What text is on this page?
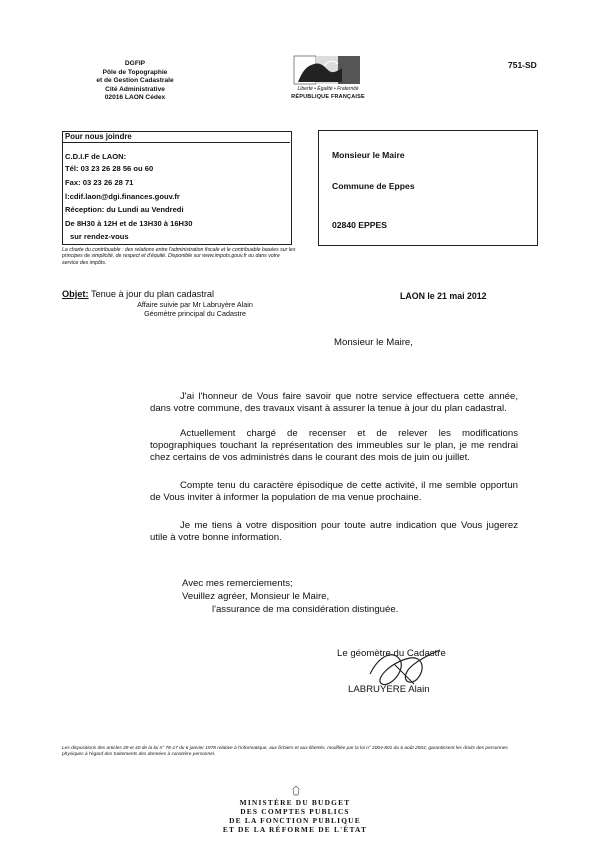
DGFIP
Pôle de Topographie
et de Gestion Cadastrale
Cité Administrative
02016 LAON Cédex
751-SD
Liberté • Égalité • Fraternité
RÉPUBLIQUE FRANÇAISE
Pour nous joindre
C.D.I.F de LAON:
Tél: 03 23 26 28 56 ou 60
Fax: 03 23 26 28 71
l:cdif.laon@dgi.finances.gouv.fr
Réception: du Lundi au Vendredi
De 8H30 à 12H et de 13H30 à 16H30
sur rendez-vous
Monsieur le Maire
Commune de Eppes
02840 EPPES
La charte du contribuable : des relations entre l'administration fiscale et le contribuable basées sur les principes de simplicité, de respect et d'équité. Disponible sur www.impots.gouv.fr ou dans votre service des impôts.
Objet: Tenue à jour du plan cadastral
Affaire suivie par Mr Labruyère Alain
Géomètre principal du Cadastre
LAON le 21 mai 2012
Monsieur le Maire,
J'ai l'honneur de Vous faire savoir que notre service effectuera cette année, dans votre commune, des travaux visant à assurer la tenue à jour du plan cadastral.
Actuellement chargé de recenser et de relever les modifications topographiques touchant la représentation des immeubles sur le plan, je me rendrai chez certains de vos administrés dans le courant des mois de juin ou juillet.
Compte tenu du caractère épisodique de cette activité, il me semble opportun de Vous inviter à informer la population de ma venue prochaine.
Je me tiens à votre disposition pour toute autre indication que Vous jugerez utile à votre bonne information.
Avec mes remerciements;
Veuillez agréer, Monsieur le Maire,
l'assurance de ma considération distinguée.
Le géomètre du Cadastre
LABRUYERE Alain
Les dispositions des articles 39 et 40 de la loi n° 78-17 du 6 janvier 1978 relative à l'informatique, aux fichiers et aux libertés, modifiée par la loi n° 2004-801 du 6 août 2004, garantissent les droits des personnes physiques à l'égard des traitements des données à caractère personnel.
MINISTÈRE DU BUDGET
DES COMPTES PUBLICS
DE LA FONCTION PUBLIQUE
ET DE LA RÉFORME DE L'ÉTAT
